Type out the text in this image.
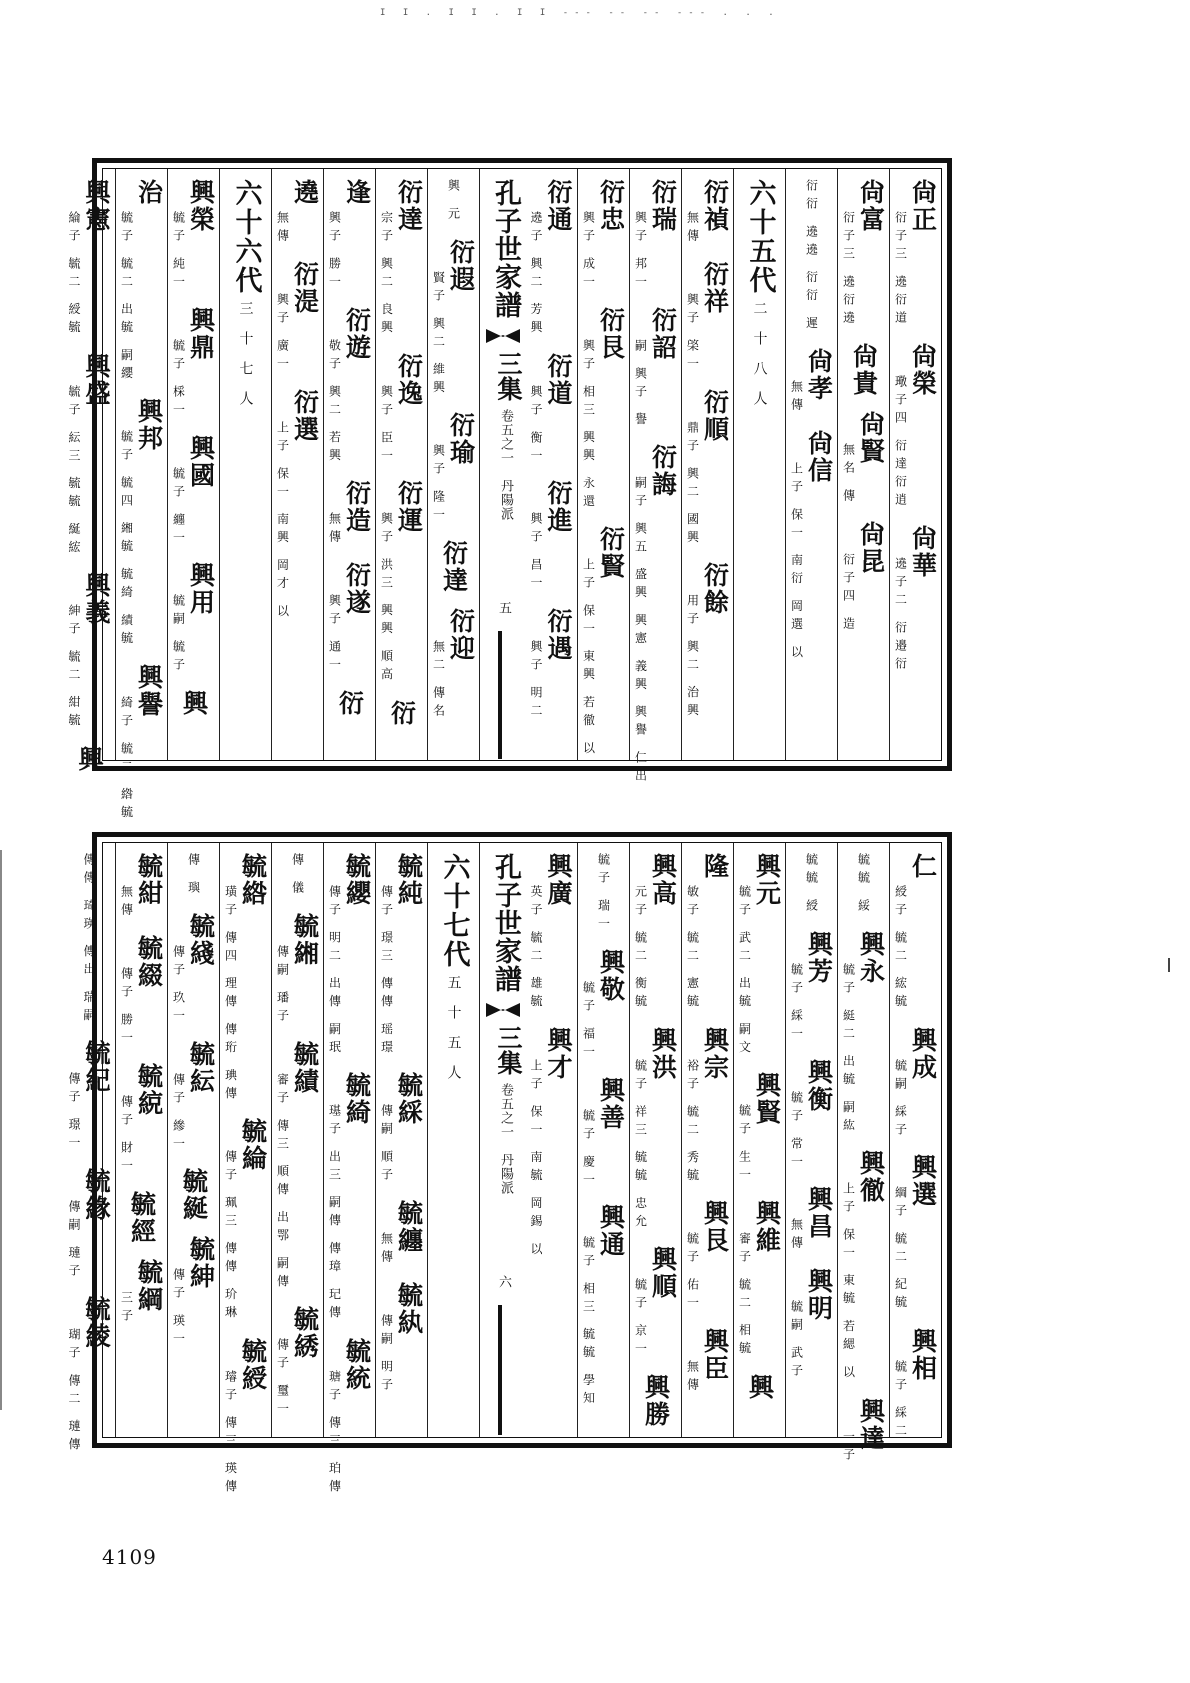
I I . I I . I I ‑‑‑ ‑‑ ‑‑ ‑‑‑ . . .
尙正
衍子三 遶衍道
尙榮
璥子四 衍達衍逍
尙華
遶子二 衍邉衍
尙富
衍子三 遶衍遶
尙貴
尙賢
無名 傳
尙昆
衍子四 造
衍衍 遶遶 衍衍 遲
尙孝
無傳
尙信
上子 保一 南衍 岡選 以
六十五代
二十八人
衍禎
無傳
衍祥
興子 棨一
衍順
鼎子 興二 國興
衍餘
用子 興二 治興
衍瑞
興子 邦一
衍詔
嗣 興子 譽
衍誨
嗣子 興五 盛興 興憲 義興 興譽 仁出
衍忠
興子 成一
衍艮
興子 相三 興興 永還
衍賢
上子 保一 東興 若徹 以
衍通
遶子 興二 芳興
衍道
興子 衡一
衍進
興子 昌一
衍遇
興子 明二
孔子世家譜
三集
卷五之一　丹陽派
五
興 元
衍遐
賢子 興二 維興
衍瑜
興子 隆一
衍達
衍迎
無二 傳名
衍達
宗子 興二 良興
衍逸
興子 臣一
衍運
興子 洪三 興興 順高
衍
逢
興子 勝一
衍遊
敬子 興二 若興
衍造
無傳
衍遂
興子 通一
衍
遶
無傳
衍湜
興子 廣一
衍選
上子 保一 南興 岡才 以
六十六代
三十七人
興榮
毓子 純一
興鼎
毓子 棌一
興國
毓子 纏一
興用
毓嗣 毓子
興
治
毓子 毓二 出毓 嗣纓
興邦
毓子 毓四 緗毓 毓綺 績毓
興譽
綺子 毓二 綹毓
興憲
綸子 毓二 綬毓
興盛
毓子 紜三 毓毓 綖綋
興義
紳子 毓二 紺毓
興
仁
綬子 毓二 綋毓
興成
毓嗣 綵子
興選
綱子 毓二 紀毓
興相
毓子 綵二
毓毓 綏
興永
毓子 綎二 出毓 嗣紘
興徹
上子 保一 東毓 若緦 以
興達
一子
毓毓 綬
興芳
毓子 綵一
興衡
毓子 常一
興昌
無傳
興明
毓嗣 武子
興元
毓子 武二 出毓 嗣文
興賢
毓子 生一
興維
審子 毓二 相毓
興
隆
敏子 毓二 憲毓
興宗
裕子 毓二 秀毓
興艮
毓子 佑一
興臣
無傳
興高
元子 毓二 衡毓
興洪
毓子 祥三 毓毓 忠允
興順
毓子 京一
興勝
毓子 瑞一
興敬
毓子 福一
興善
毓子 慶一
興通
毓子 相三 毓毓 學知
興廣
英子 毓二 雄毓
興才
上子 保一 南毓 岡錫 以
孔子世家譜
三集
卷五之一　丹陽派
六
六十七代
五十五人
毓純
傳子 璟三 傳傳 瑶璟
毓綵
傳嗣 順子
毓纏
無傳
毓紈
傳嗣 明子
毓纓
傳子 明二 出傳 嗣珉
毓綺
璂子 出三 嗣傳 傳璋 玘傳
毓統
瑭子 傳三 珀傳
傳 儀
毓緗
傳嗣 璠子
毓績
審子 傳三 順傳 出鄂 嗣傳
毓綉
傳子 璽一
毓綹
璜子 傳四 理傳 傳珩 琠傳
毓綸
傳子 珮三 傳傳 玠琳
毓綬
璿子 傳三 瑛傳
傳 璵
毓綫
傳子 玖一
毓紜
傳子 縿一
毓綖
毓紳
傳子 瑛一
毓紺
無傳
毓綴
傳子 勝一
毓綂
傳子 財一
毓經
毓綱
三子
傳傳 琦瑛 傳出 瑞嗣
毓紀
傳子 璟一
毓緣
傳嗣 璉子
毓綾
瑚子 傳二 璉傳
4109
